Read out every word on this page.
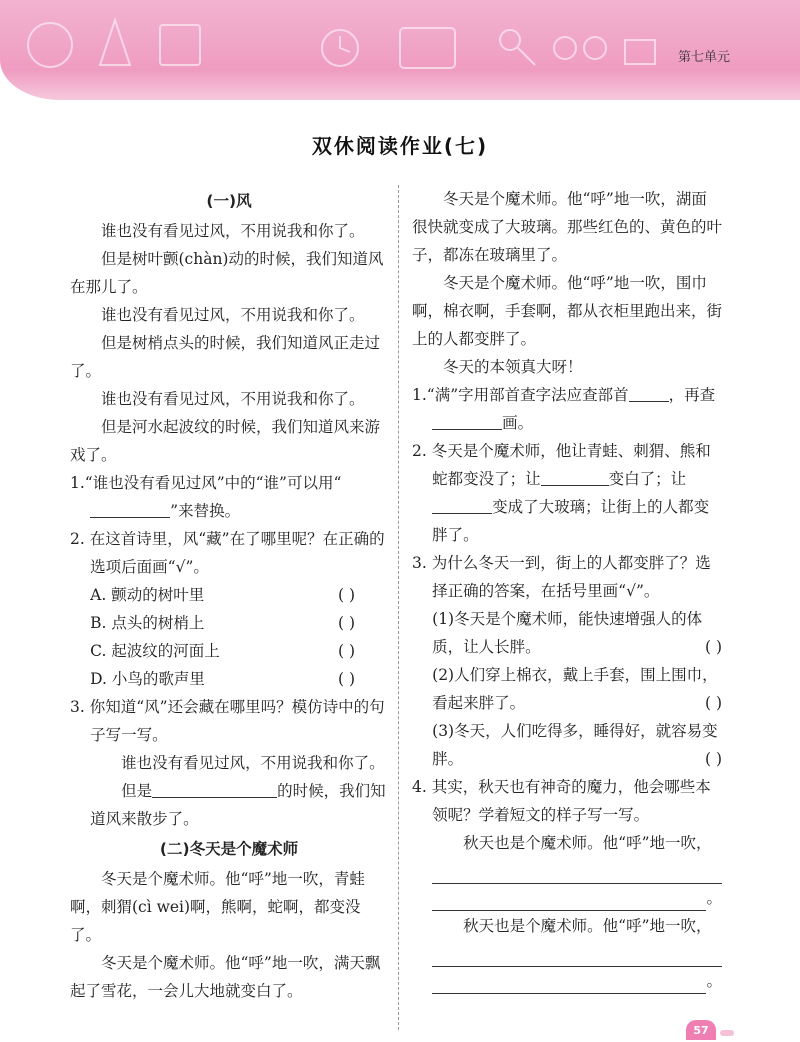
第七单元
双休阅读作业(七)
(一)风

谁也没有看见过风，不用说我和你了。

但是树叶颤(chàn)动的时候，我们知道风在那儿了。

谁也没有看见过风，不用说我和你了。

但是树梢点头的时候，我们知道风正走过了。

谁也没有看见过风，不用说我和你了。

但是河水起波纹的时候，我们知道风来游戏了。

1.“谁也没有看见过风”中的“谁”可以用“”来替换。

2. 在这首诗里，风“藏”在了哪里呢？在正确的选项后面画“√”。

A. 颤动的树叶里	( )
B. 点头的树梢上	( )
C. 起波纹的河面上	( )
D. 小鸟的歌声里	( )

3. 你知道“风”还会藏在哪里吗？模仿诗中的句子写一写。

谁也没有看见过风，不用说我和你了。

但是	的时候，我们知道风来散步了。

(二)冬天是个魔术师

冬天是个魔术师。他“呼”地一吹，青蛙啊，刺猬(cì wei)啊，熊啊，蛇啊，都变没了。

冬天是个魔术师。他“呼”地一吹，满天飘起了雪花，一会儿大地就变白了。

冬天是个魔术师。他“呼”地一吹，湖面很快就变成了大玻璃。那些红色的、黄色的叶子，都冻在玻璃里了。

冬天是个魔术师。他“呼”地一吹，围巾啊，棉衣啊，手套啊，都从衣柜里跑出来，街上的人都变胖了。

冬天的本领真大呀！

1.“满”字用部首查字法应查部首	，再查画。

2. 冬天是个魔术师，他让青蛙、刺猬、熊和蛇都变没了；让	变白了；让变成了大玻璃；让街上的人都变胖了。

3. 为什么冬天一到，街上的人都变胖了？选择正确的答案，在括号里画“√”。

(1)冬天是个魔术师，能快速增强人的体质，让人长胖。	( )

(2)人们穿上棉衣，戴上手套，围上围巾，看起来胖了。	( )

(3)冬天，人们吃得多，睡得好，就容易变胖。	( )

4. 其实，秋天也有神奇的魔力，他会哪些本领呢？学着短文的样子写一写。

秋天也是个魔术师。他“呼”地一吹，

。

秋天也是个魔术师。他“呼”地一吹，

。
57
